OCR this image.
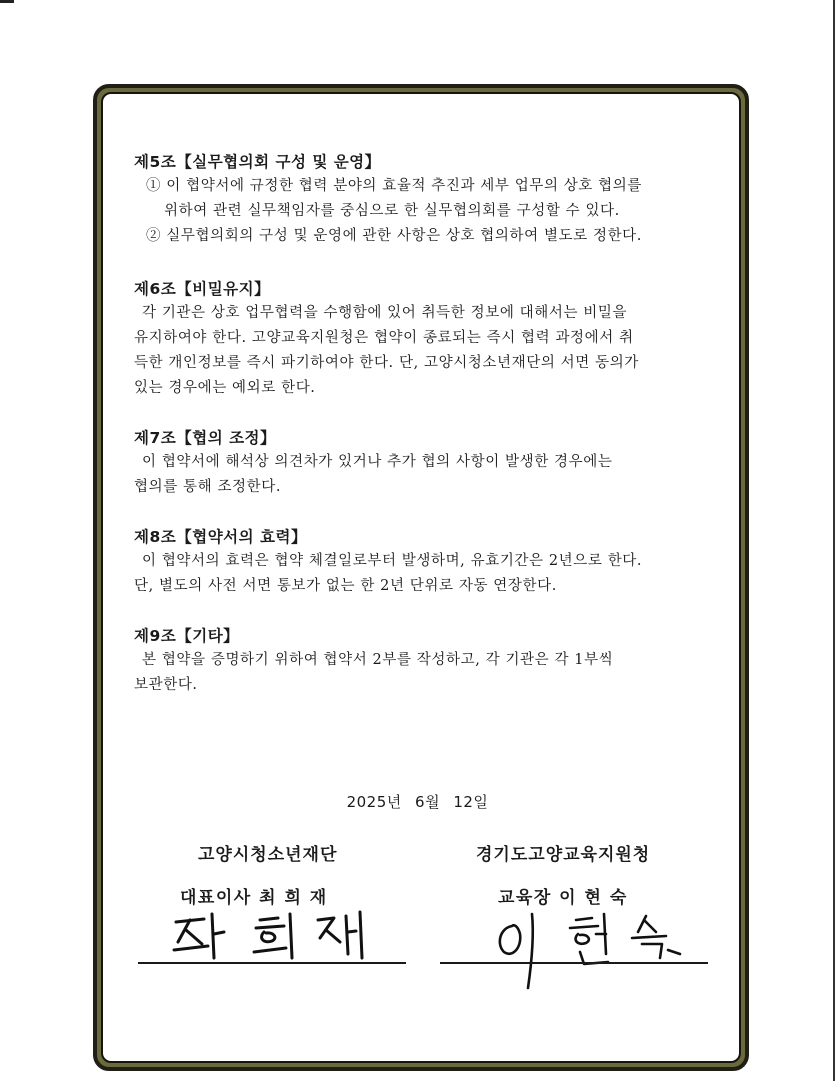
제5조【실무협의회 구성 및 운영】
① 이 협약서에 규정한 협력 분야의 효율적 추진과 세부 업무의 상호 협의를
위하여 관련 실무책임자를 중심으로 한 실무협의회를 구성할 수 있다.
② 실무협의회의 구성 및 운영에 관한 사항은 상호 협의하여 별도로 정한다.
제6조【비밀유지】
각 기관은 상호 업무협력을 수행함에 있어 취득한 정보에 대해서는 비밀을
유지하여야 한다. 고양교육지원청은 협약이 종료되는 즉시 협력 과정에서 취
득한 개인정보를 즉시 파기하여야 한다. 단, 고양시청소년재단의 서면 동의가
있는 경우에는 예외로 한다.
제7조【협의 조정】
이 협약서에 해석상 의견차가 있거나 추가 협의 사항이 발생한 경우에는
협의를 통해 조정한다.
제8조【협약서의 효력】
이 협약서의 효력은 협약 체결일로부터 발생하며, 유효기간은 2년으로 한다.
단, 별도의 사전 서면 통보가 없는 한 2년 단위로 자동 연장한다.
제9조【기타】
본 협약을 증명하기 위하여 협약서 2부를 작성하고, 각 기관은 각 1부씩
보관한다.
2025년 6월 12일
고양시청소년재단
대표이사 최 희 재
경기도고양교육지원청
교육장 이 현 숙
